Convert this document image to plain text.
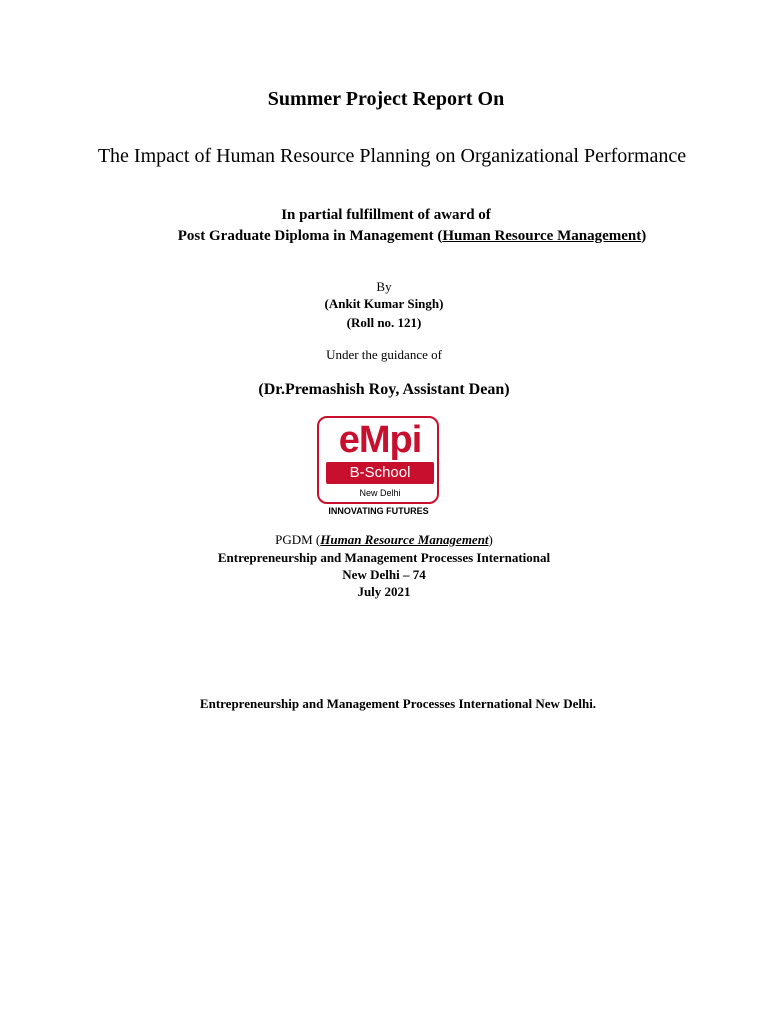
Summer Project Report On
The Impact of Human Resource Planning on Organizational Performance
In partial fulfillment of award of
Post Graduate Diploma in Management (Human Resource Management)
By
(Ankit Kumar Singh)
(Roll no. 121)
Under the guidance of
(Dr.Premashish Roy, Assistant Dean)
eMpi
B-School
New Delhi
INNOVATING FUTURES
PGDM (Human Resource Management)
Entrepreneurship and Management Processes International
New Delhi – 74
July 2021
Entrepreneurship and Management Processes International New Delhi.
